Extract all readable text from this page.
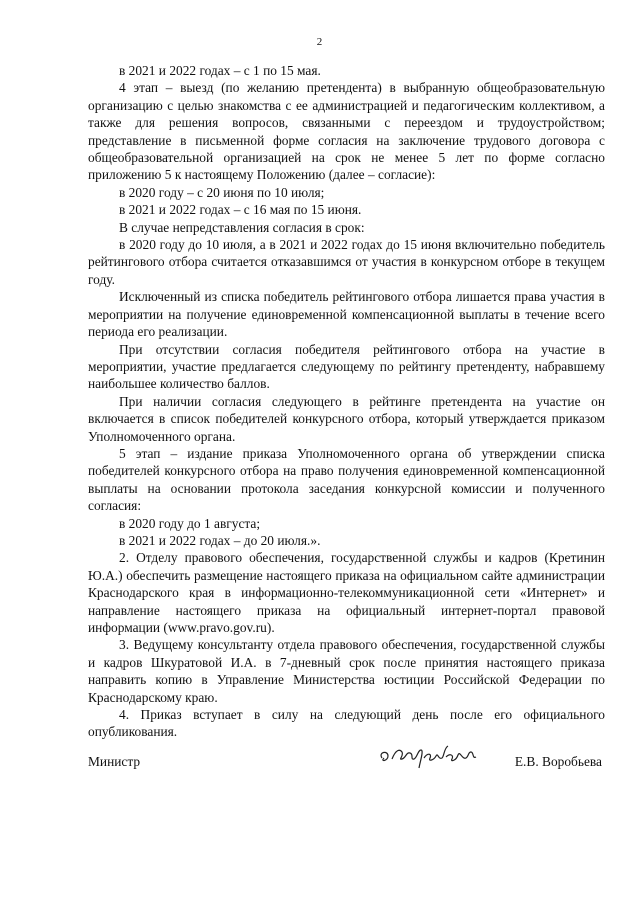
2

в 2021 и 2022 годах – с 1 по 15 мая.

4 этап – выезд (по желанию претендента) в выбранную общеобразовательную организацию с целью знакомства с ее администрацией и педагогическим коллективом, а также для решения вопросов, связанными с переездом и трудоустройством; представление в письменной форме согласия на заключение трудового договора с общеобразовательной организацией на срок не менее 5 лет по форме согласно приложению 5 к настоящему Положению (далее – согласие):

в 2020 году – с 20 июня по 10 июля;

в 2021 и 2022 годах – с 16 мая по 15 июня.

В случае непредставления согласия в срок:

в 2020 году до 10 июля, а в 2021 и 2022 годах до 15 июня включительно победитель рейтингового отбора считается отказавшимся от участия в конкурсном отборе в текущем году.

Исключенный из списка победитель рейтингового отбора лишается права участия в мероприятии на получение единовременной компенсационной выплаты в течение всего периода его реализации.

При отсутствии согласия победителя рейтингового отбора на участие в мероприятии, участие предлагается следующему по рейтингу претенденту, набравшему наибольшее количество баллов.

При наличии согласия следующего в рейтинге претендента на участие он включается в список победителей конкурсного отбора, который утверждается приказом Уполномоченного органа.

5 этап – издание приказа Уполномоченного органа об утверждении списка победителей конкурсного отбора на право получения единовременной компенсационной выплаты на основании протокола заседания конкурсной комиссии и полученного согласия:

в 2020 году до 1 августа;

в 2021 и 2022 годах – до 20 июля.».

2. Отделу правового обеспечения, государственной службы и кадров (Кретинин Ю.А.) обеспечить размещение настоящего приказа на официальном сайте администрации Краснодарского края в информационно-телекоммуникационной сети «Интернет» и направление настоящего приказа на официальный интернет-портал правовой информации (www.pravo.gov.ru).

3. Ведущему консультанту отдела правового обеспечения, государственной службы и кадров Шкуратовой И.А. в 7-дневный срок после принятия настоящего приказа направить копию в Управление Министерства юстиции Российской Федерации по Краснодарскому краю.

4. Приказ вступает в силу на следующий день после его официального опубликования.

Министр	Е.В. Воробьева
